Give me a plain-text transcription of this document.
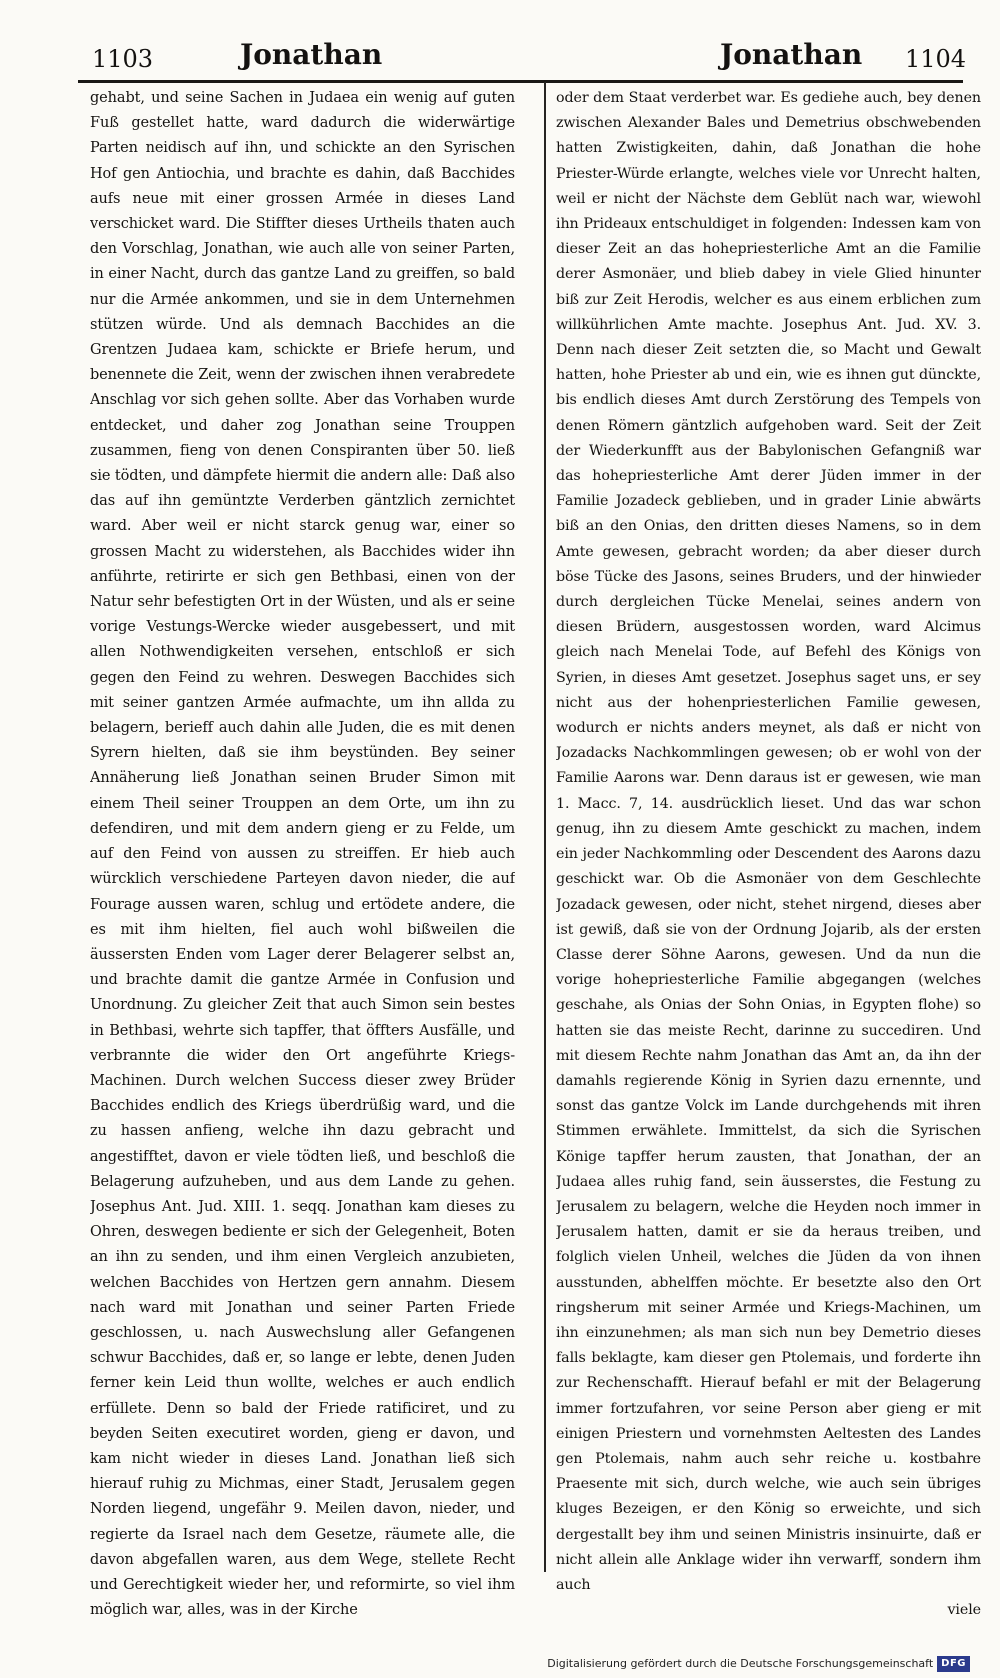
1103	Jonathan	Jonathan 1104

gehabt, und seine Sachen in Judaea ein wenig auf guten Fuß gestellet hatte, ward dadurch die widerwärtige Parten neidisch auf ihn, und schickte an den Syrischen Hof gen Antiochia, und brachte es dahin, daß Bacchides aufs neue mit einer grossen Armée in dieses Land verschicket ward. Die Stiffter dieses Urtheils thaten auch den Vorschlag, Jonathan, wie auch alle von seiner Parten, in einer Nacht, durch das gantze Land zu greiffen, so bald nur die Armée ankommen, und sie in dem Unternehmen stützen würde. Und als demnach Bacchides an die Grentzen Judaea kam, schickte er Briefe herum, und benennete die Zeit, wenn der zwischen ihnen verabredete Anschlag vor sich gehen sollte. Aber das Vorhaben wurde entdecket, und daher zog Jonathan seine Trouppen zusammen, fieng von denen Conspiranten über 50. ließ sie tödten, und dämpfete hiermit die andern alle: Daß also das auf ihn gemüntzte Verderben gäntzlich zernichtet ward. Aber weil er nicht starck genug war, einer so grossen Macht zu widerstehen, als Bacchides wider ihn anführte, retirirte er sich gen Bethbasi, einen von der Natur sehr befestigten Ort in der Wüsten, und als er seine vorige Vestungs-Wercke wieder ausgebessert, und mit allen Nothwendigkeiten versehen, entschloß er sich gegen den Feind zu wehren. Deswegen Bacchides sich mit seiner gantzen Armée aufmachte, um ihn allda zu belagern, berieff auch dahin alle Juden, die es mit denen Syrern hielten, daß sie ihm beystünden. Bey seiner Annäherung ließ Jonathan seinen Bruder Simon mit einem Theil seiner Trouppen an dem Orte, um ihn zu defendiren, und mit dem andern gieng er zu Felde, um auf den Feind von aussen zu streiffen. Er hieb auch würcklich verschiedene Parteyen davon nieder, die auf Fourage aussen waren, schlug und ertödete andere, die es mit ihm hielten, fiel auch wohl bißweilen die äussersten Enden vom Lager derer Belagerer selbst an, und brachte damit die gantze Armée in Confusion und Unordnung. Zu gleicher Zeit that auch Simon sein bestes in Bethbasi, wehrte sich tapffer, that öffters Ausfälle, und verbrannte die wider den Ort angeführte Kriegs-Machinen. Durch welchen Success dieser zwey Brüder Bacchides endlich des Kriegs überdrüßig ward, und die zu hassen anfieng, welche ihn dazu gebracht und angestifftet, davon er viele tödten ließ, und beschloß die Belagerung aufzuheben, und aus dem Lande zu gehen. Josephus Ant. Jud. XIII. 1. seqq. Jonathan kam dieses zu Ohren, deswegen bediente er sich der Gelegenheit, Boten an ihn zu senden, und ihm einen Vergleich anzubieten, welchen Bacchides von Hertzen gern annahm. Diesem nach ward mit Jonathan und seiner Parten Friede geschlossen, u. nach Auswechslung aller Gefangenen schwur Bacchides, daß er, so lange er lebte, denen Juden ferner kein Leid thun wollte, welches er auch endlich erfüllete. Denn so bald der Friede ratificiret, und zu beyden Seiten executiret worden, gieng er davon, und kam nicht wieder in dieses Land. Jonathan ließ sich hierauf ruhig zu Michmas, einer Stadt, Jerusalem gegen Norden liegend, ungefähr 9. Meilen davon, nieder, und regierte da Israel nach dem Gesetze, räumete alle, die davon abgefallen waren, aus dem Wege, stellete Recht und Gerechtigkeit wieder her, und reformirte, so viel ihm möglich war, alles, was in der Kirche

oder dem Staat verderbet war. Es gediehe auch, bey denen zwischen Alexander Bales und Demetrius obschwebenden hatten Zwistigkeiten, dahin, daß Jonathan die hohe Priester-Würde erlangte, welches viele vor Unrecht halten, weil er nicht der Nächste dem Geblüt nach war, wiewohl ihn Prideaux entschuldiget in folgenden: Indessen kam von dieser Zeit an das hohepriesterliche Amt an die Familie derer Asmonäer, und blieb dabey in viele Glied hinunter biß zur Zeit Herodis, welcher es aus einem erblichen zum willkührlichen Amte machte. Josephus Ant. Jud. XV. 3. Denn nach dieser Zeit setzten die, so Macht und Gewalt hatten, hohe Priester ab und ein, wie es ihnen gut dünckte, bis endlich dieses Amt durch Zerstörung des Tempels von denen Römern gäntzlich aufgehoben ward. Seit der Zeit der Wiederkunfft aus der Babylonischen Gefangniß war das hohepriesterliche Amt derer Jüden immer in der Familie Jozadeck geblieben, und in grader Linie abwärts biß an den Onias, den dritten dieses Namens, so in dem Amte gewesen, gebracht worden; da aber dieser durch böse Tücke des Jasons, seines Bruders, und der hinwieder durch dergleichen Tücke Menelai, seines andern von diesen Brüdern, ausgestossen worden, ward Alcimus gleich nach Menelai Tode, auf Befehl des Königs von Syrien, in dieses Amt gesetzet. Josephus saget uns, er sey nicht aus der hohenpriesterlichen Familie gewesen, wodurch er nichts anders meynet, als daß er nicht von Jozadacks Nachkommlingen gewesen; ob er wohl von der Familie Aarons war. Denn daraus ist er gewesen, wie man 1. Macc. 7, 14. ausdrücklich lieset. Und das war schon genug, ihn zu diesem Amte geschickt zu machen, indem ein jeder Nachkommling oder Descendent des Aarons dazu geschickt war. Ob die Asmonäer von dem Geschlechte Jozadack gewesen, oder nicht, stehet nirgend, dieses aber ist gewiß, daß sie von der Ordnung Jojarib, als der ersten Classe derer Söhne Aarons, gewesen. Und da nun die vorige hohepriesterliche Familie abgegangen (welches geschahe, als Onias der Sohn Onias, in Egypten flohe) so hatten sie das meiste Recht, darinne zu succediren. Und mit diesem Rechte nahm Jonathan das Amt an, da ihn der damahls regierende König in Syrien dazu ernennte, und sonst das gantze Volck im Lande durchgehends mit ihren Stimmen erwählete. Immittelst, da sich die Syrischen Könige tapffer herum zausten, that Jonathan, der an Judaea alles ruhig fand, sein äusserstes, die Festung zu Jerusalem zu belagern, welche die Heyden noch immer in Jerusalem hatten, damit er sie da heraus treiben, und folglich vielen Unheil, welches die Jüden da von ihnen ausstunden, abhelffen möchte. Er besetzte also den Ort ringsherum mit seiner Armée und Kriegs-Machinen, um ihn einzunehmen; als man sich nun bey Demetrio dieses falls beklagte, kam dieser gen Ptolemais, und forderte ihn zur Rechenschafft. Hierauf befahl er mit der Belagerung immer fortzufahren, vor seine Person aber gieng er mit einigen Priestern und vornehmsten Aeltesten des Landes gen Ptolemais, nahm auch sehr reiche u. kostbahre Praesente mit sich, durch welche, wie auch sein übriges kluges Bezeigen, er den König so erweichte, und sich dergestallt bey ihm und seinen Ministris insinuirte, daß er nicht allein alle Anklage wider ihn verwarff, sondern ihm auch

viele

Digitalisierung gefördert durch die Deutsche Forschungsgemeinschaft DFG
